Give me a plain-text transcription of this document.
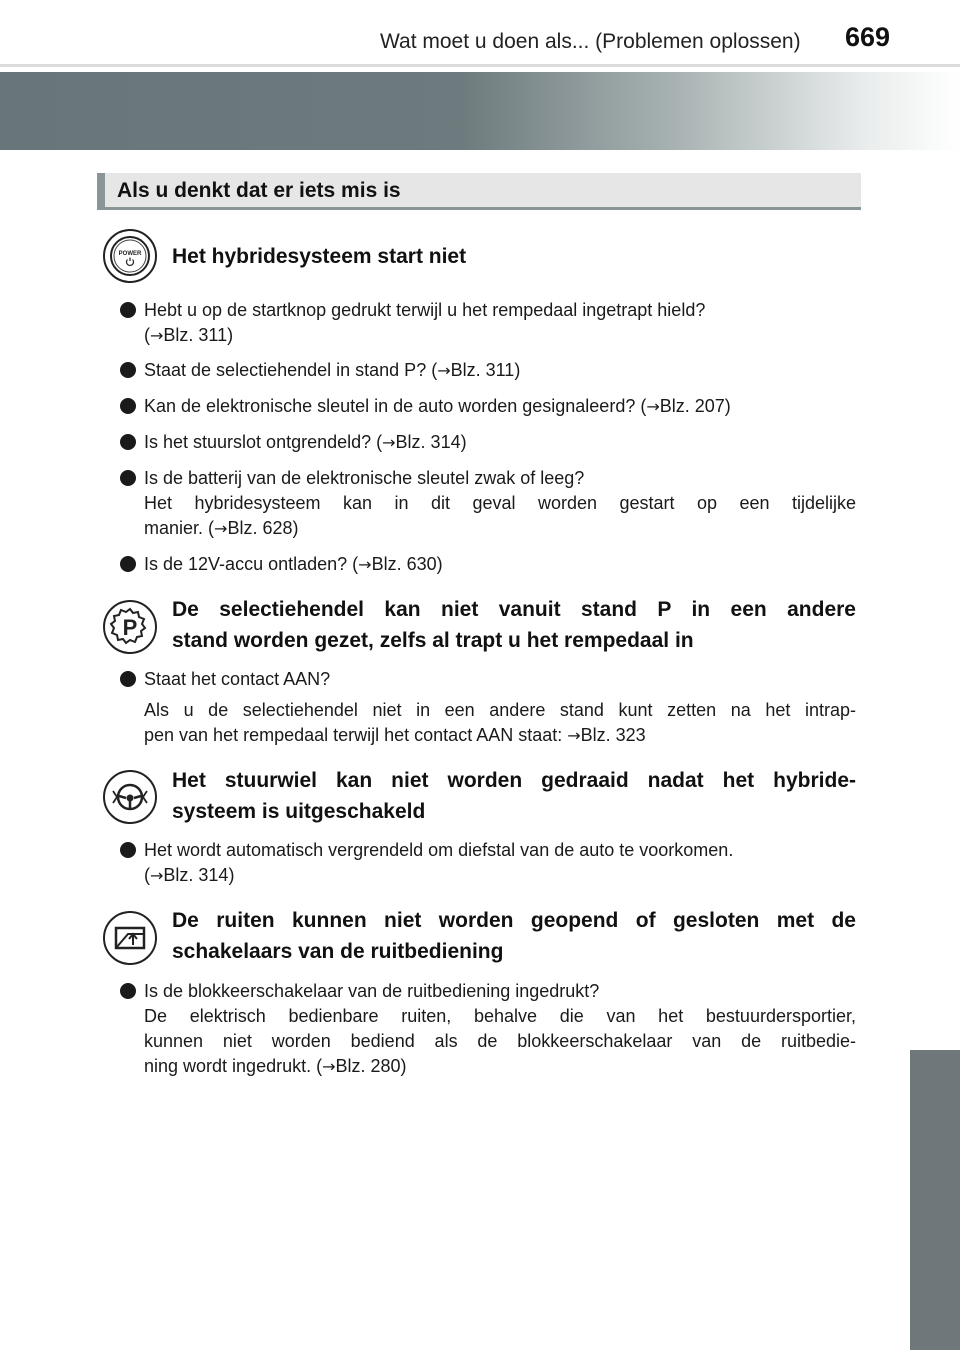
Wat moet u doen als... (Problemen oplossen) 669
Als u denkt dat er iets mis is
POWER Het hybridesysteem start niet
Hebt u op de startknop gedrukt terwijl u het rempedaal ingetrapt hield?
(→Blz. 311)
Staat de selectiehendel in stand P? (→Blz. 311)
Kan de elektronische sleutel in de auto worden gesignaleerd? (→Blz. 207)
Is het stuurslot ontgrendeld? (→Blz. 314)
Is de batterij van de elektronische sleutel zwak of leeg?
Het hybridesysteem kan in dit geval worden gestart op een tijdelijke
manier. (→Blz. 628)
Is de 12V-accu ontladen? (→Blz. 630)
P
De selectiehendel kan niet vanuit stand P in een andere
stand worden gezet, zelfs al trapt u het rempedaal in
Staat het contact AAN?
Als u de selectiehendel niet in een andere stand kunt zetten na het intrap-
pen van het rempedaal terwijl het contact AAN staat: →Blz. 323
Het stuurwiel kan niet worden gedraaid nadat het hybride-
systeem is uitgeschakeld
Het wordt automatisch vergrendeld om diefstal van de auto te voorkomen.
(→Blz. 314)
De ruiten kunnen niet worden geopend of gesloten met de
schakelaars van de ruitbediening
Is de blokkeerschakelaar van de ruitbediening ingedrukt?
De elektrisch bedienbare ruiten, behalve die van het bestuurdersportier,
kunnen niet worden bediend als de blokkeerschakelaar van de ruitbedie-
ning wordt ingedrukt. (→Blz. 280)
